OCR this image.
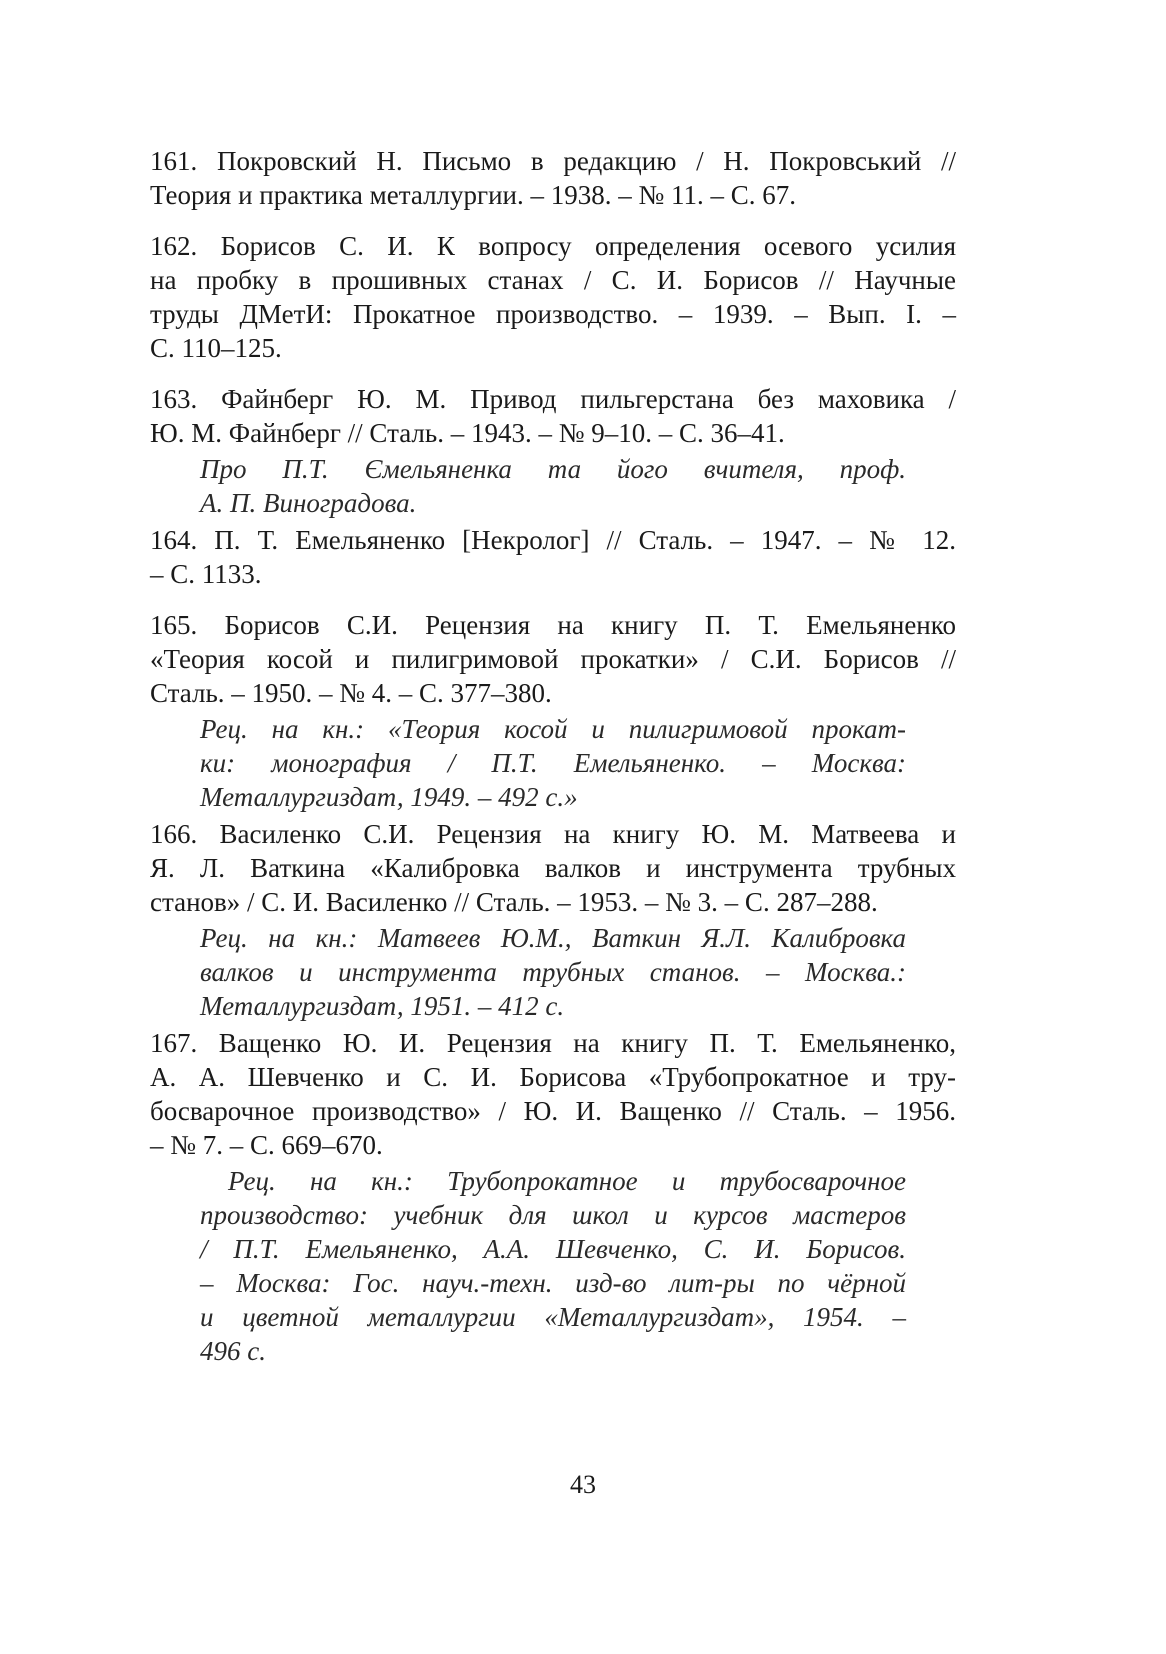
161. Покровский Н. Письмо в редакцию / Н. Покровський //
Теория и практика металлургии. – 1938. – № 11. – С. 67.
162. Борисов С. И. К вопросу определения осевого усилия
на пробку в прошивных станах / С. И. Борисов // Научные
труды ДМетИ: Прокатное производство. – 1939. – Вып. I. –
С. 110–125.
163. Файнберг Ю. М. Привод пильгерстана без маховика /
Ю. М. Файнберг // Сталь. – 1943. – № 9–10. – С. 36–41.
Про П.Т. Ємельяненка та його вчителя, проф.
А. П. Виноградова.
164. П. Т. Емельяненко [Некролог] // Сталь. – 1947. – № 12.
– С. 1133.
165. Борисов С.И. Рецензия на книгу П. Т. Емельяненко
«Теория косой и пилигримовой прокатки» / С.И. Борисов //
Сталь. – 1950. – № 4. – С. 377–380.
Рец. на кн.: «Теория косой и пилигримовой прокат-
ки: монография / П.Т. Емельяненко. – Москва:
Металлургиздат, 1949. – 492 с.»
166. Василенко С.И. Рецензия на книгу Ю. М. Матвеева и
Я. Л. Ваткина «Калибровка валков и инструмента трубных
станов» / С. И. Василенко // Сталь. – 1953. – № 3. – С. 287–288.
Рец. на кн.: Матвеев Ю.М., Ваткин Я.Л. Калибровка
валков и инструмента трубных станов. – Москва.:
Металлургиздат, 1951. – 412 с.
167. Ващенко Ю. И. Рецензия на книгу П. Т. Емельяненко,
А. А. Шевченко и С. И. Борисова «Трубопрокатное и тру-
босварочное производство» / Ю. И. Ващенко // Сталь. – 1956.
– № 7. – С. 669–670.
Рец. на кн.: Трубопрокатное и трубосварочное
производство: учебник для школ и курсов мастеров
/ П.Т. Емельяненко, А.А. Шевченко, С. И. Борисов.
– Москва: Гос. науч.-техн. изд-во лит-ры по чёрной
и цветной металлургии «Металлургиздат», 1954. –
496 с.
43
